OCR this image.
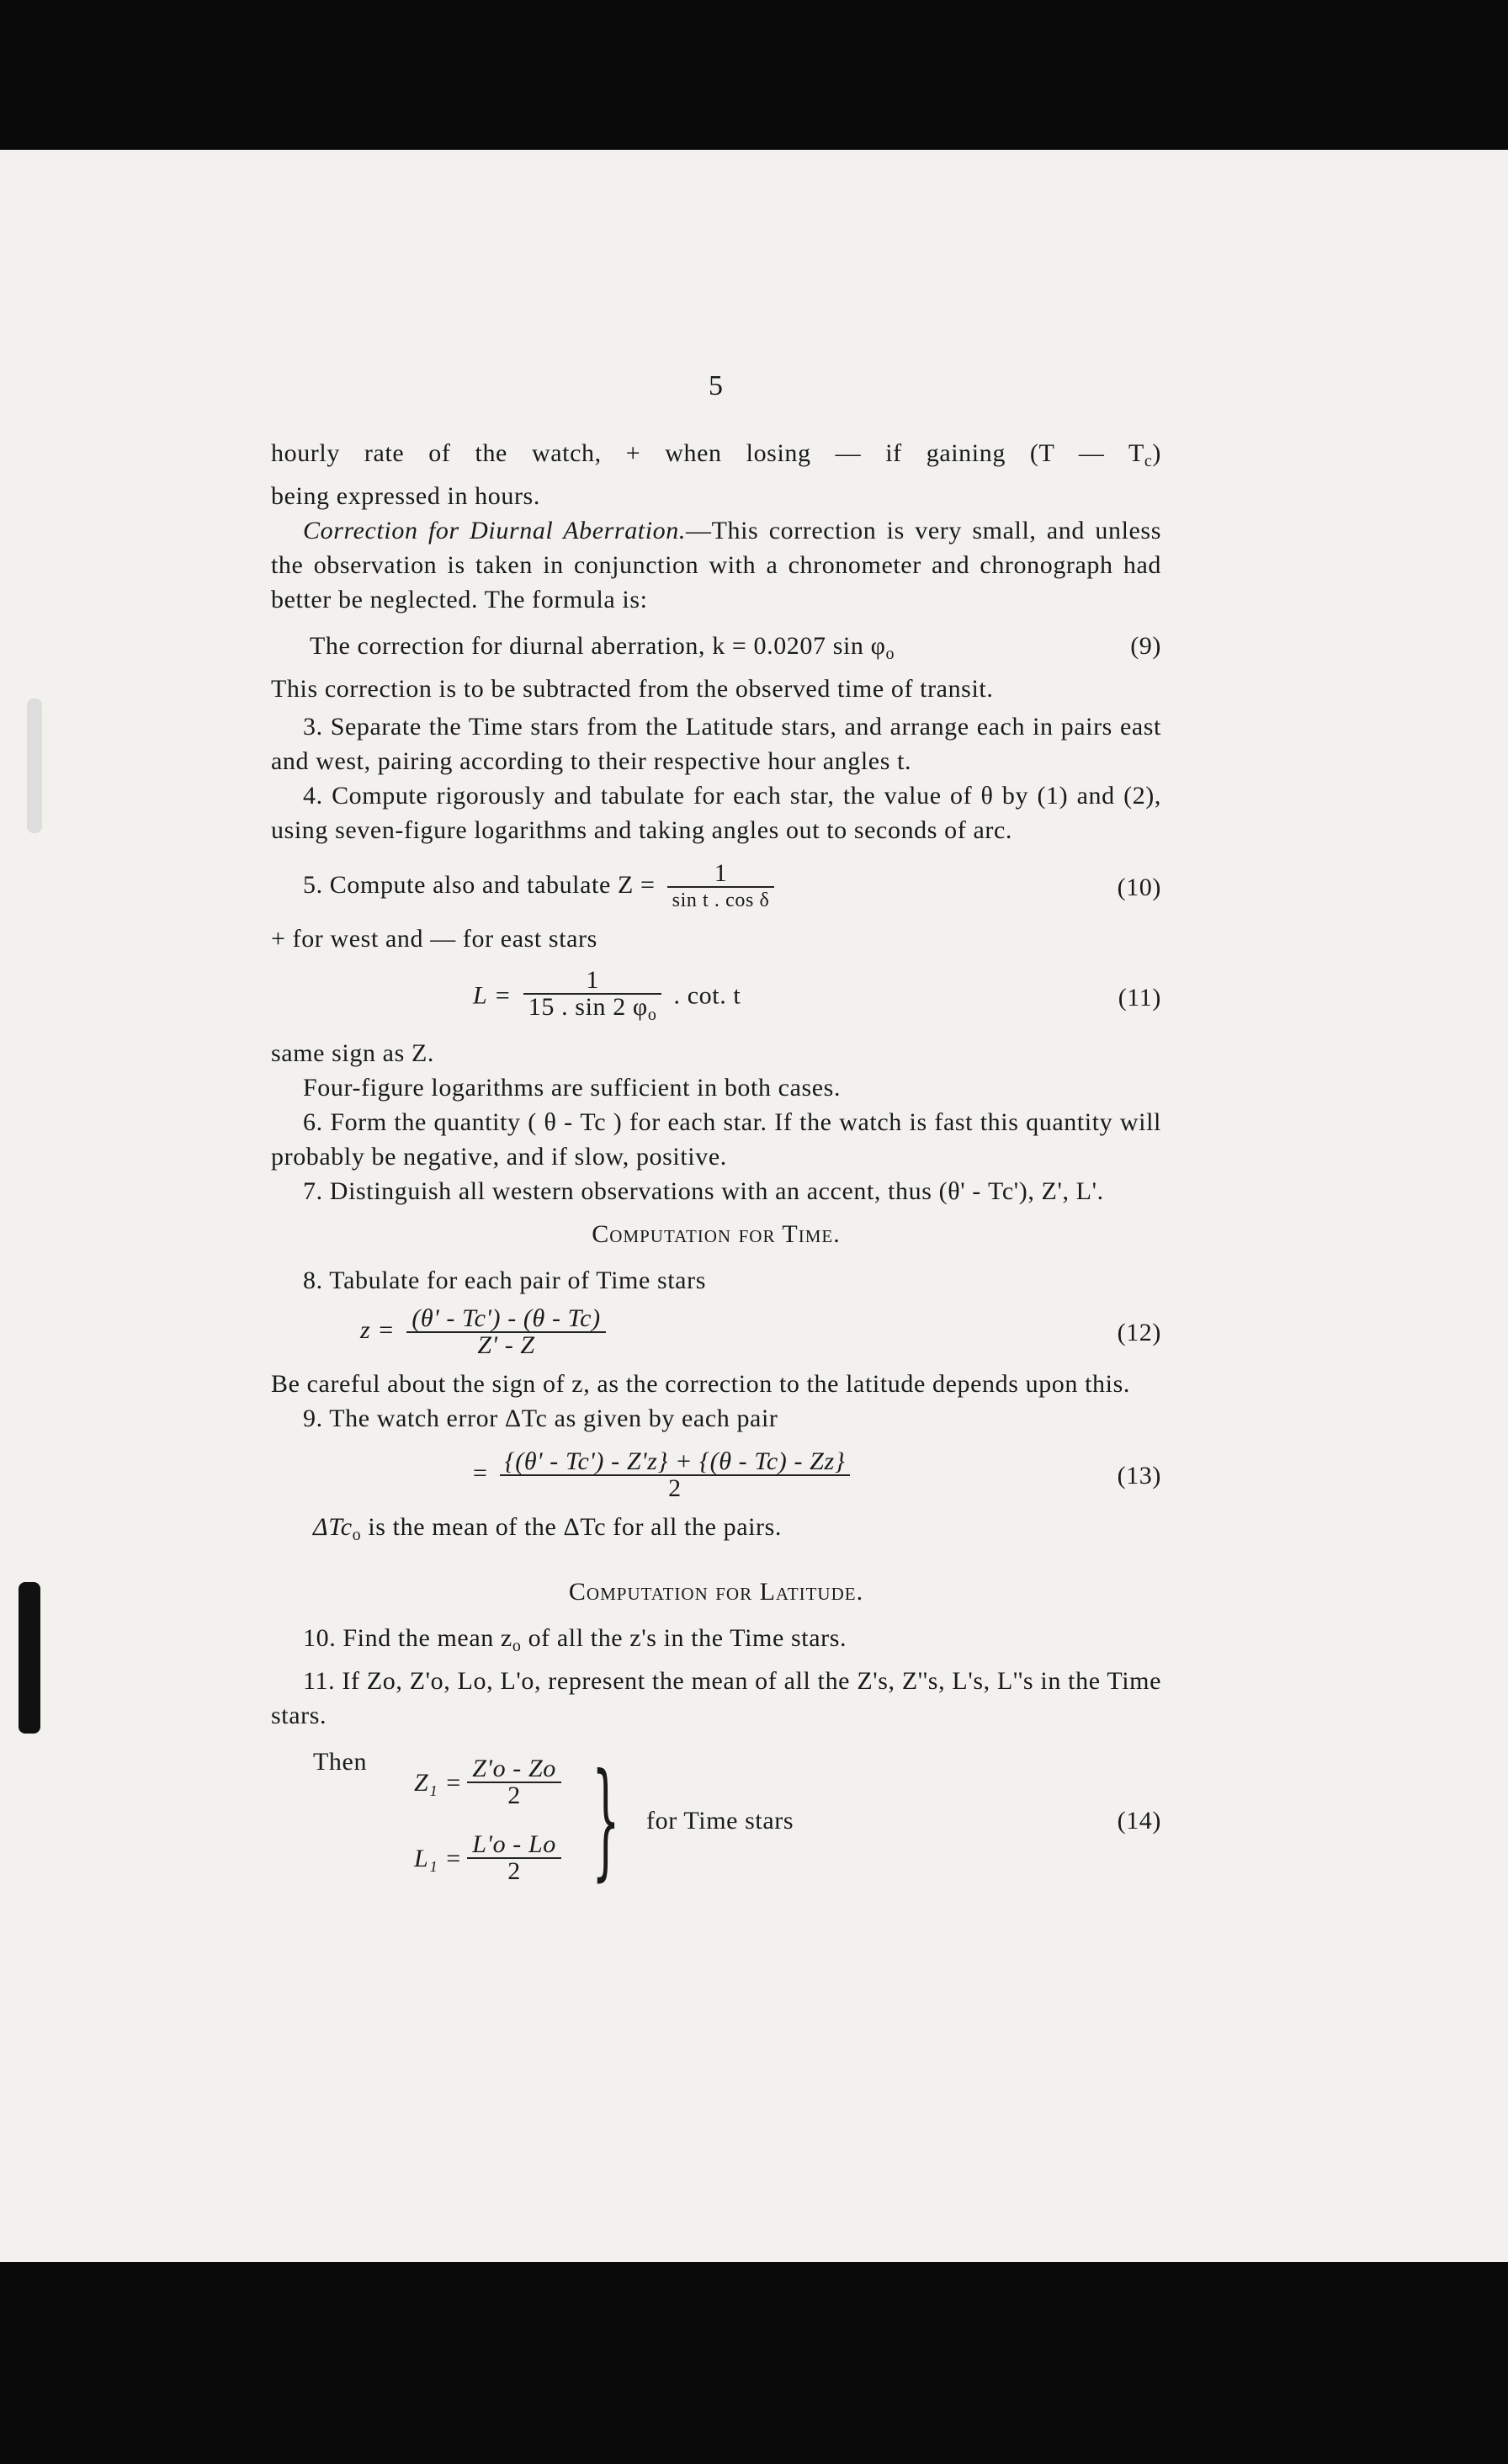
5

hourly rate of the watch, + when losing — if gaining (T — $T_c$)

being expressed in hours.

Correction for Diurnal Aberration.—This correction is very small, and unless the observation is taken in conjunction with a chronometer and chronograph had better be neglected. The formula is:

The correction for diurnal aberration, k = 0.0207 $\sin \varphi_o$	(9)

This correction is to be subtracted from the observed time of transit.

3. Separate the Time stars from the Latitude stars, and arrange each in pairs east and west, pairing according to their respective hour angles t.

4. Compute rigorously and tabulate for each star, the value of θ by (1) and (2), using seven-figure logarithms and taking angles out to seconds of arc.

5. Compute also and tabulate $Z = \frac{1}{\text{sin t . cos δ}}$	(10)

+ for west and — for east stars

$L = \frac{1}{15 . \sin 2 \varphi_o}$ . cot. t	(11)

same sign as Z.

Four-figure logarithms are sufficient in both cases.

6. Form the quantity ( θ - Tc ) for each star. If the watch is fast this quantity will probably be negative, and if slow, positive.

7. Distinguish all western observations with an accent, thus (θ' - Tc'), Z', L'.

Computation for Time.

8. Tabulate for each pair of Time stars

$z = \frac{(\theta' - Tc') - (\theta - Tc)}{Z' - Z}$	(12)

Be careful about the sign of z, as the correction to the latitude depends upon this.

9. The watch error ΔTc as given by each pair

= $\frac{\{(\theta' - Tc') - Z'z\} + \{(\theta - Tc) - Zz\}}{2}$	(13)

ΔTc$_o$ is the mean of the ΔTc for all the pairs.

Computation for Latitude.

10. Find the mean $z_o$ of all the z's in the Time stars.

11. If Zo, Z'o, Lo, L'o, represent the mean of all the Z's, Z''s, L's, L''s in the Time stars.

Then
$Z_1 = \frac{Z'o - Zo}{2}$
$L_1 = \frac{L'o - Lo}{2}$ } for Time stars	(14)
